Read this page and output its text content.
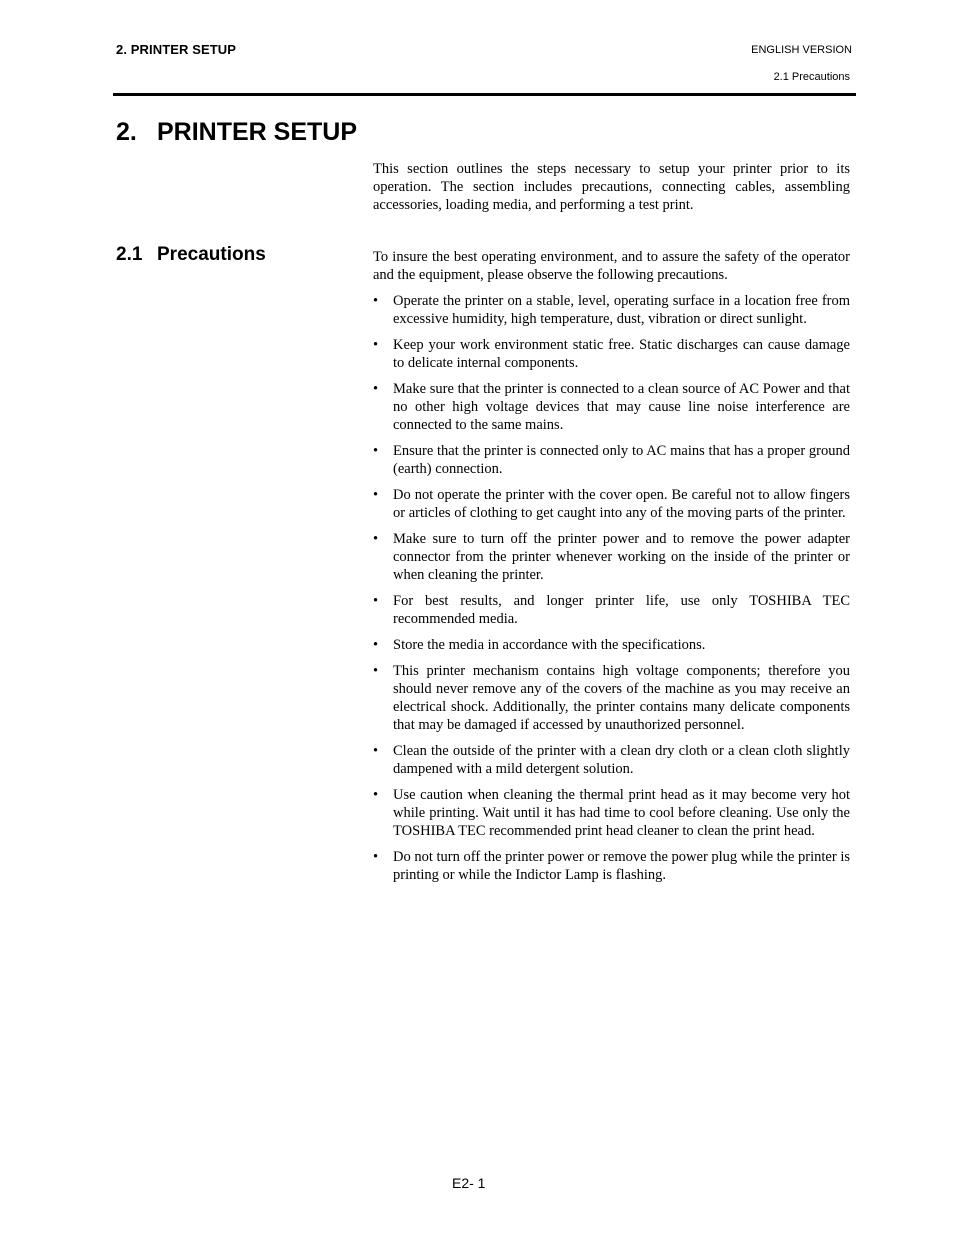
2. PRINTER SETUP	ENGLISH VERSION
2.1 Precautions
2. PRINTER SETUP

This section outlines the steps necessary to setup your printer prior to its operation. The section includes precautions, connecting cables, assembling accessories, loading media, and performing a test print.

2.1 Precautions	To insure the best operating environment, and to assure the safety of the operator and the equipment, please observe the following precautions.

•	Operate the printer on a stable, level, operating surface in a location free from excessive humidity, high temperature, dust, vibration or direct sunlight.
•	Keep your work environment static free. Static discharges can cause damage to delicate internal components.
•	Make sure that the printer is connected to a clean source of AC Power and that no other high voltage devices that may cause line noise interference are connected to the same mains.
•	Ensure that the printer is connected only to AC mains that has a proper ground (earth) connection.
•	Do not operate the printer with the cover open. Be careful not to allow fingers or articles of clothing to get caught into any of the moving parts of the printer.
•	Make sure to turn off the printer power and to remove the power adapter connector from the printer whenever working on the inside of the printer or when cleaning the printer.
•	For best results, and longer printer life, use only TOSHIBA TEC recommended media.
•	Store the media in accordance with the specifications.
•	This printer mechanism contains high voltage components; therefore you should never remove any of the covers of the machine as you may receive an electrical shock. Additionally, the printer contains many delicate components that may be damaged if accessed by unauthorized personnel.
•	Clean the outside of the printer with a clean dry cloth or a clean cloth slightly dampened with a mild detergent solution.
•	Use caution when cleaning the thermal print head as it may become very hot while printing. Wait until it has had time to cool before cleaning. Use only the TOSHIBA TEC recommended print head cleaner to clean the print head.
•	Do not turn off the printer power or remove the power plug while the printer is printing or while the Indictor Lamp is flashing.
E2- 1
